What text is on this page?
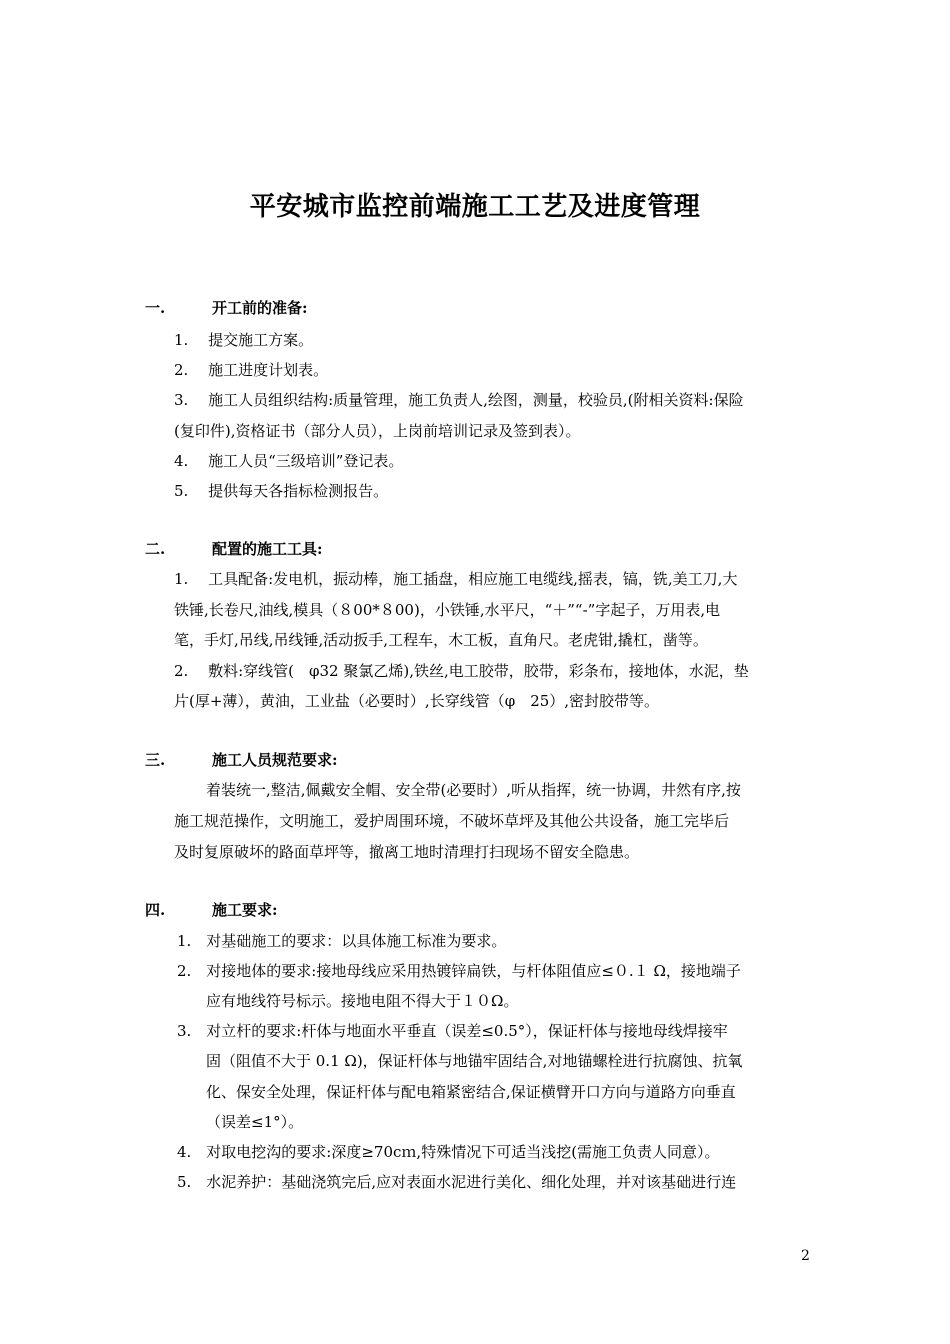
平安城市监控前端施工工艺及进度管理
一.	开工前的准备:
1.　 提交施工方案。
2.　 施工进度计划表。
3.　 施工人员组织结构:质量管理，施工负责人,绘图，测量，校验员,(附相关资料:保险
(复印件),资格证书（部分人员），上岗前培训记录及签到表）。
4.　 施工人员“三级培训”登记表。
5.　 提供每天各指标检测报告。
二.	配置的施工工具:
1.　 工具配备:发电机，振动棒，施工插盘，相应施工电缆线,摇表，镐，铣,美工刀,大
铁锤,长卷尺,油线,模具（８00*８00)，小铁锤,水平尺，“＋”“-”字起子，万用表,电
笔，手灯,吊线,吊线锤,活动扳手,工程车，木工板，直角尺。老虎钳,撬杠，凿等。
2.　 敷料:穿线管(　φ32 聚氯乙烯),铁丝,电工胶带，胶带，彩条布，接地体，水泥，垫
片(厚+薄），黄油，工业盐（必要时）,长穿线管（φ　25）,密封胶带等。
三.	施工人员规范要求:
着装统一,整洁,佩戴安全帽、安全带(必要时）,听从指挥，统一协调，井然有序,按
施工规范操作，文明施工，爱护周围环境，不破坏草坪及其他公共设备，施工完毕后
及时复原破坏的路面草坪等，撤离工地时清理打扫现场不留安全隐患。
四.	施工要求:
1.　对基础施工的要求：以具体施工标准为要求。
2.　对接地体的要求:接地母线应采用热镀锌扁铁，与杆体阻值应≤０.１ Ω，接地端子
应有地线符号标示。接地电阻不得大于１０Ω。
3.　对立杆的要求:杆体与地面水平垂直（误差≤0.5°），保证杆体与接地母线焊接牢
固（阻值不大于 0.1 Ω)，保证杆体与地锚牢固结合,对地锚螺栓进行抗腐蚀、抗氧
化、保安全处理，保证杆体与配电箱紧密结合,保证横臂开口方向与道路方向垂直
（误差≤1°）。
4.　对取电挖沟的要求:深度≥70cｍ,特殊情况下可适当浅挖(需施工负责人同意）。
5.　水泥养护：基础浇筑完后,应对表面水泥进行美化、细化处理，并对该基础进行连
2
